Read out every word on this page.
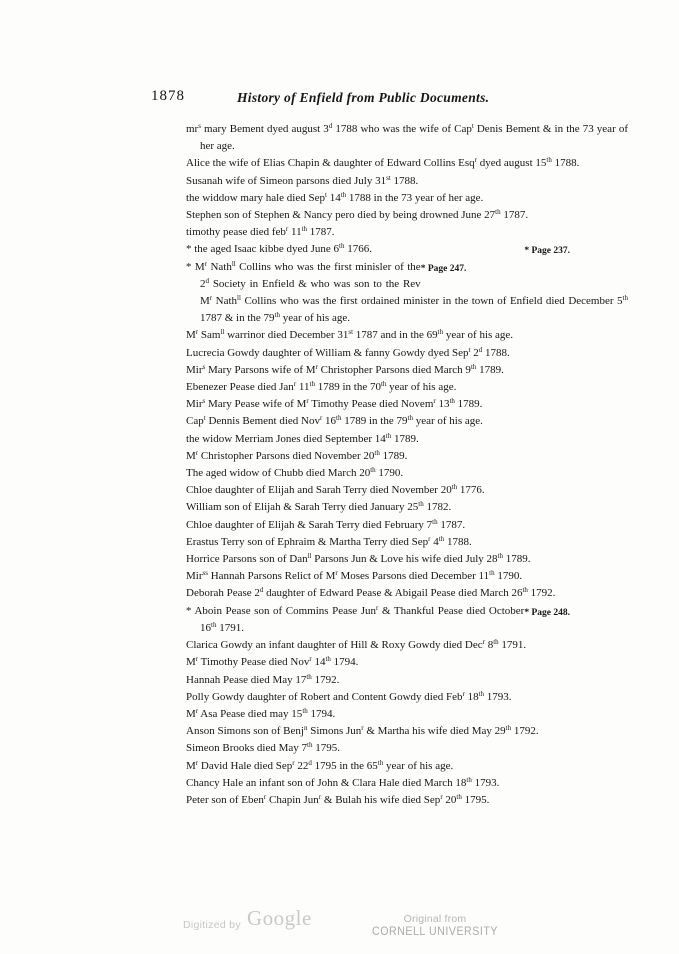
1878	History of Enfield from Public Documents.

$mr^s$ mary Bement dyed august 3$^d$ 1788 who was the wife of Cap$^t$ Denis Bement & in the 73 year of her age.

Alice the wife of Elias Chapin & daughter of Edward Collins Esq$^r$ dyed august 15th 1788.

Susanah wife of Simeon parsons died July 31st 1788.

the widdow mary hale died Sep$^t$ 14th 1788 in the 73 year of her age.

Stephen son of Stephen & Nancy pero died by being drowned June 27th 1787.

timothy pease died feb$^r$ 11th 1787.

* Page 237.
* the aged Isaac kibbe dyed June 6th 1766.

* Page 247.
* $M^r$ Nath$^{ll}$ Collins who was the first minisler of the 2$^d$ Society in Enfield & who was son to the Rev $M^r$ Nath$^{ll}$ Collins who was the first ordained minister in the town of Enfield died December 5th 1787 & in the 79th year of his age.

$M^r$ Sam$^{ll}$ warrinor died December 31st 1787 and in the 69th year of his age.

Lucrecia Gowdy daughter of William & fanny Gowdy dyed Sep$^t$ 2$^d$ 1788.

Mir$^s$ Mary Parsons wife of $M^r$ Christopher Parsons died March 9th 1789.

Ebenezer Pease died Jan$^r$ 11th 1789 in the 70th year of his age.

Mir$^s$ Mary Pease wife of $M^r$ Timothy Pease died Novem$^r$ 13th 1789.

Cap$^t$ Dennis Bement died Nov$^r$ 16th 1789 in the 79th year of his age.

the widow Merriam Jones died September 14th 1789.

$M^r$ Christopher Parsons died November 20th 1789.

The aged widow of Chubb died March 20th 1790.

Chloe daughter of Elijah and Sarah Terry died November 20th 1776.

William son of Elijah & Sarah Terry died January 25th 1782.

Chloe daughter of Elijah & Sarah Terry died February 7th 1787.

Erastus Terry son of Ephraim & Martha Terry died Sep$^r$ 4th 1788.

Horrice Parsons son of Dan$^{ll}$ Parsons Jun & Love his wife died July 28th 1789.

Mir$^{ss}$ Hannah Parsons Relict of $M^r$ Moses Parsons died December 11th 1790.

Deborah Pease 2$^d$ daughter of Edward Pease & Abigail Pease died March 26th 1792.

* Page 248.
* Aboin Pease son of Commins Pease Jun$^r$ & Thankful Pease died October 16th 1791.

Clarica Gowdy an infant daughter of Hill & Roxy Gowdy died Dec$^r$ 8th 1791.

$M^r$ Timothy Pease died Nov$^r$ 14th 1794.

Hannah Pease died May 17th 1792.

Polly Gowdy daughter of Robert and Content Gowdy died Feb$^r$ 18th 1793.

$M^r$ Asa Pease died may 15th 1794.

Anson Simons son of Benj$^n$ Simons Jun$^r$ & Martha his wife died May 29th 1792.

Simeon Brooks died May 7th 1795.

$M^r$ David Hale died Sep$^r$ 22$^d$ 1795 in the 65th year of his age.

Chancy Hale an infant son of John & Clara Hale died March 18th 1793.

Peter son of Eben$^r$ Chapin Jun$^r$ & Bulah his wife died Sep$^r$ 20th 1795.

Digitized by Google	Original from
CORNELL UNIVERSITY
